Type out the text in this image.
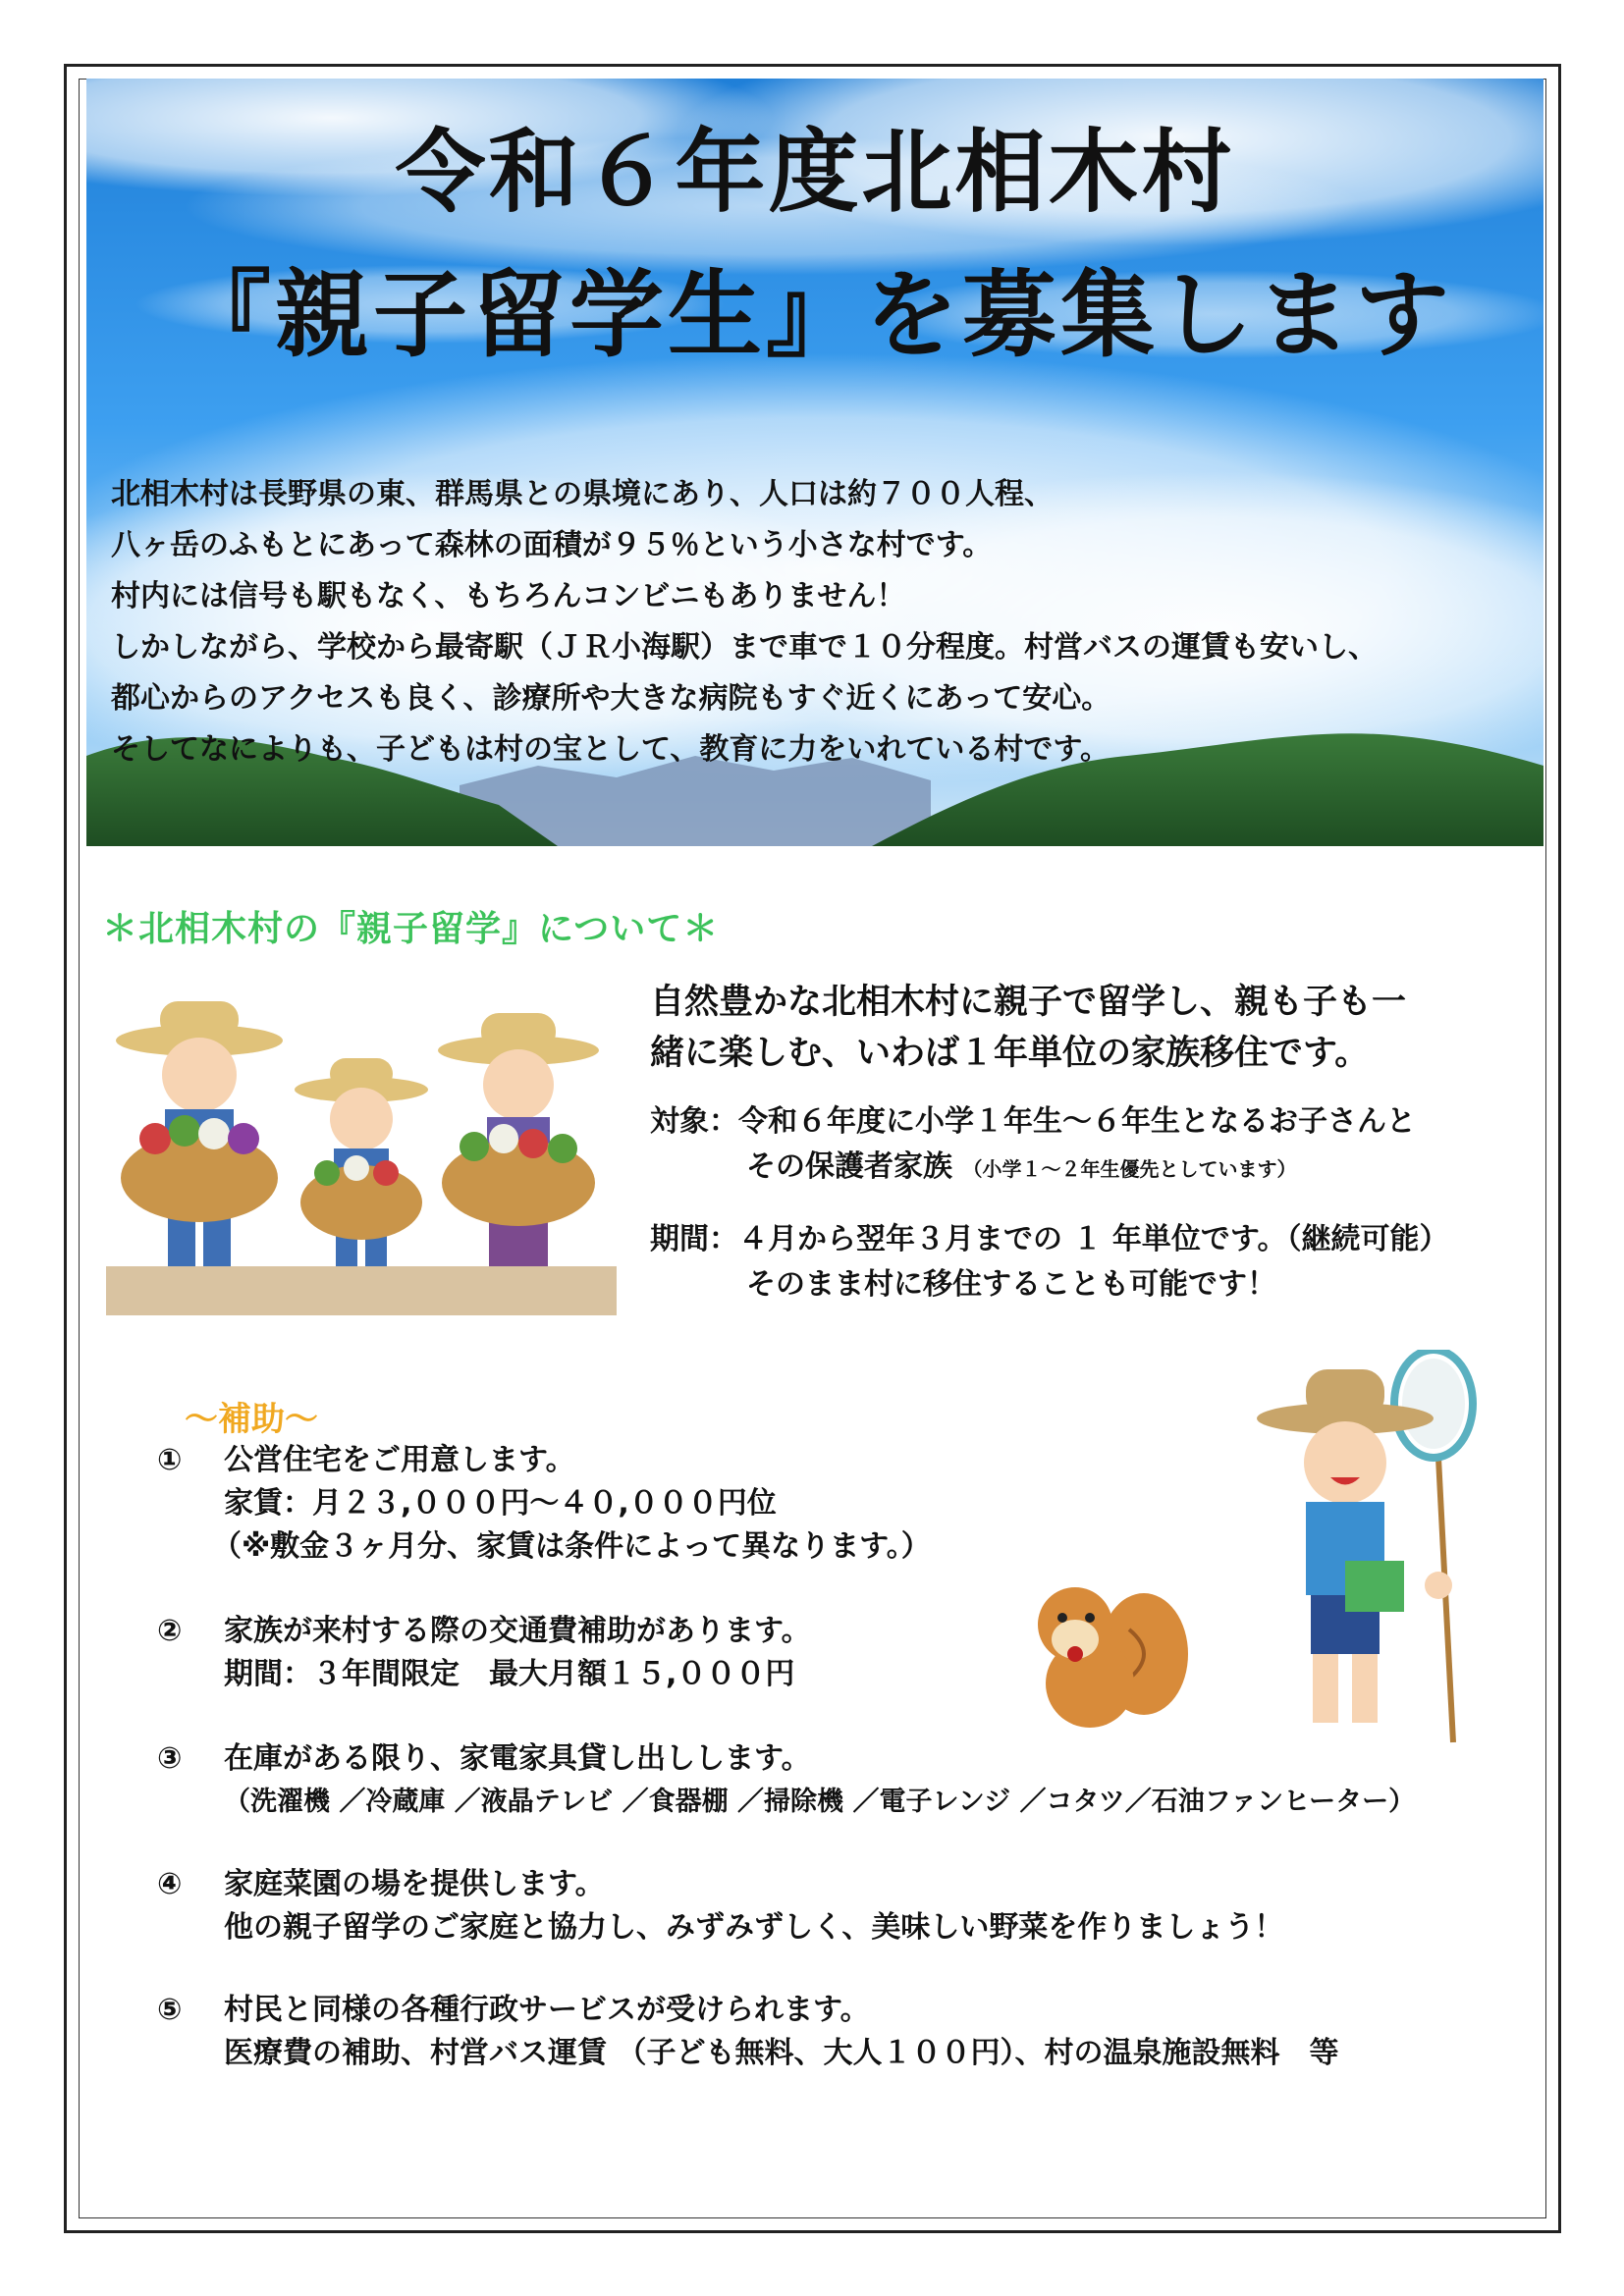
令和６年度北相木村
『親子留学生』を募集します

北相木村は長野県の東、群馬県との県境にあり、人口は約７００人程、

八ヶ岳のふもとにあって森林の面積が９５％という小さな村です。

村内には信号も駅もなく、もちろんコンビニもありません！

しかしながら、学校から最寄駅（ＪＲ小海駅）まで車で１０分程度。村営バスの運賃も安いし、

都心からのアクセスも良く、診療所や大きな病院もすぐ近くにあって安心。

そしてなによりも、子どもは村の宝として、教育に力をいれている村です。

＊北相木村の『親子留学』について＊

自然豊かな北相木村に親子で留学し、親も子も一

緒に楽しむ、いわば１年単位の家族移住です。

対象：令和６年度に小学１年生～６年生となるお子さんと
その保護者家族 （小学１～２年生優先としています）
期間：４月から翌年３月までの １ 年単位です。（継続可能）
そのまま村に移住することも可能です！
～補助～
①	公営住宅をご用意します。
家賃：月２３,０００円～４０,０００円位
（※敷金３ヶ月分、家賃は条件によって異なります。）
②	家族が来村する際の交通費補助があります。
期間：３年間限定　最大月額１５,０００円
③	在庫がある限り、家電家具貸し出しします。
（洗濯機 ／冷蔵庫 ／液晶テレビ ／食器棚 ／掃除機 ／電子レンジ ／コタツ／石油ファンヒーター）
④	家庭菜園の場を提供します。
他の親子留学のご家庭と協力し、みずみずしく、美味しい野菜を作りましょう！
⑤	村民と同様の各種行政サービスが受けられます。
医療費の補助、村営バス運賃 （子ども無料、大人１００円）、村の温泉施設無料　等
